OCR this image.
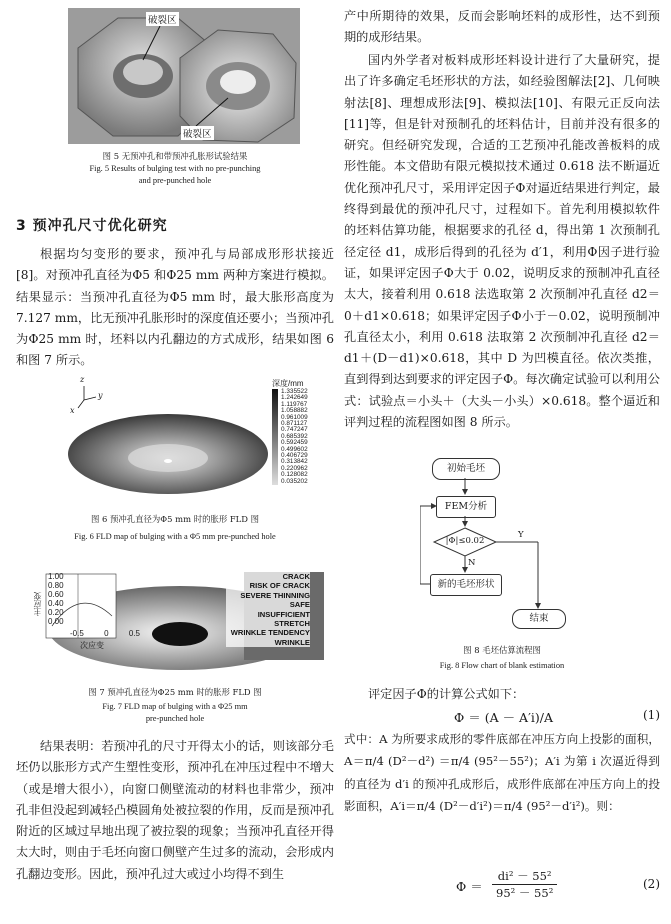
破裂区
破裂区

图 5 无预冲孔和带预冲孔胀形试验结果

Fig. 5 Results of bulging test with no pre-punching

and pre-punched hole

3 预冲孔尺寸优化研究

根据均匀变形的要求，预冲孔与局部成形形状接近[8]。对预冲孔直径为Φ5 和Φ25 mm 两种方案进行模拟。结果显示：当预冲孔直径为Φ5 mm 时，最大胀形高度为 7.127 mm，比无预冲孔胀形时的深度值还要小；当预冲孔为Φ25 mm 时，坯料以内孔翻边的方式成形，结果如图 6 和图 7 所示。

z
y
x
深度/mm
1.335522
1.242649
1.119767
1.058882
0.961009
0.871127
0.747247
0.685392
0.592459
0.499602
0.406729
0.313842
0.220962
0.128082
0.035202

图 6 预冲孔直径为Φ5 mm 时的胀形 FLD 图

Fig. 6 FLD map of bulging with a Φ5 mm pre-punched hole

1.00
0.80
0.60
0.40
0.20
0.00
-0.5	0	0.5
主应变
次应变
CRACK
RISK OF CRACK
SEVERE THINNING
SAFE
INSUFFICIENT STRETCH
WRINKLE TENDENCY
WRINKLE

图 7 预冲孔直径为Φ25 mm 时的胀形 FLD 图

Fig. 7 FLD map of bulging with a Φ25 mm

pre-punched hole

结果表明：若预冲孔的尺寸开得太小的话，则该部分毛坯仍以胀形方式产生塑性变形，预冲孔在冲压过程中不增大（或是增大很小），向窗口侧壁流动的材料也非常少，预冲孔非但没起到减轻凸模圆角处被拉裂的作用，反而是预冲孔附近的区域过早地出现了被拉裂的现象；当预冲孔直径开得太大时，则由于毛坯向窗口侧壁产生过多的流动，会形成内孔翻边变形。因此，预冲孔过大或过小均得不到生

产中所期待的效果，反而会影响坯料的成形性，达不到预期的成形结果。

国内外学者对板料成形坯料设计进行了大量研究，提出了许多确定毛坯形状的方法，如经验图解法[2]、几何映射法[8]、理想成形法[9]、模拟法[10]、有限元正反向法[11]等，但是针对预制孔的坯料估计，目前并没有很多的研究。但经研究发现，合适的工艺预冲孔能改善板料的成形性能。本文借助有限元模拟技术通过 0.618 法不断逼近优化预冲孔尺寸，采用评定因子Φ对逼近结果进行判定，最终得到最优的预冲孔尺寸，过程如下。首先利用模拟软件的坯料估算功能，根据要求的孔径 d，得出第 1 次预制孔径定径 d1，成形后得到的孔径为 d′1，利用Φ因子进行验证，如果评定因子Φ大于 0.02，说明反求的预制冲孔直径太大，接着利用 0.618 法选取第 2 次预制冲孔直径 d2＝0＋d1×0.618；如果评定因子Φ小于－0.02，说明预制冲孔直径太小，利用 0.618 法取第 2 次预制冲孔直径 d2＝d1＋(D－d1)×0.618，其中 D 为凹模直径。依次类推，直到得到达到要求的评定因子Φ。每次确定试验可以利用公式：试验点＝小头＋（大头－小头）×0.618。整个逼近和评判过程的流程图如图 8 所示。

初始毛坯
FEM分析
|Φ|≤0.02
Y
N
新的毛坯形状
结束

图 8 毛坯估算流程图

Fig. 8 Flow chart of blank estimation

评定因子Φ的计算公式如下：

Φ ＝ (A － A′i)/A	(1)

式中：A 为所要求成形的零件底部在冲压方向上投影的面积，A＝π/4 (D²－d²) ＝π/4 (95²－55²)；A′i 为第 i 次逼近得到的直径为 d′i 的预冲孔成形后，成形件底部在冲压方向上的投影面积，A′i＝π/4 (D²－d′i²)＝π/4 (95²－d′i²)。则：

$\Phi = \frac{\text{di² － 55²}}{\text{95² － 55²}}$	(2)
